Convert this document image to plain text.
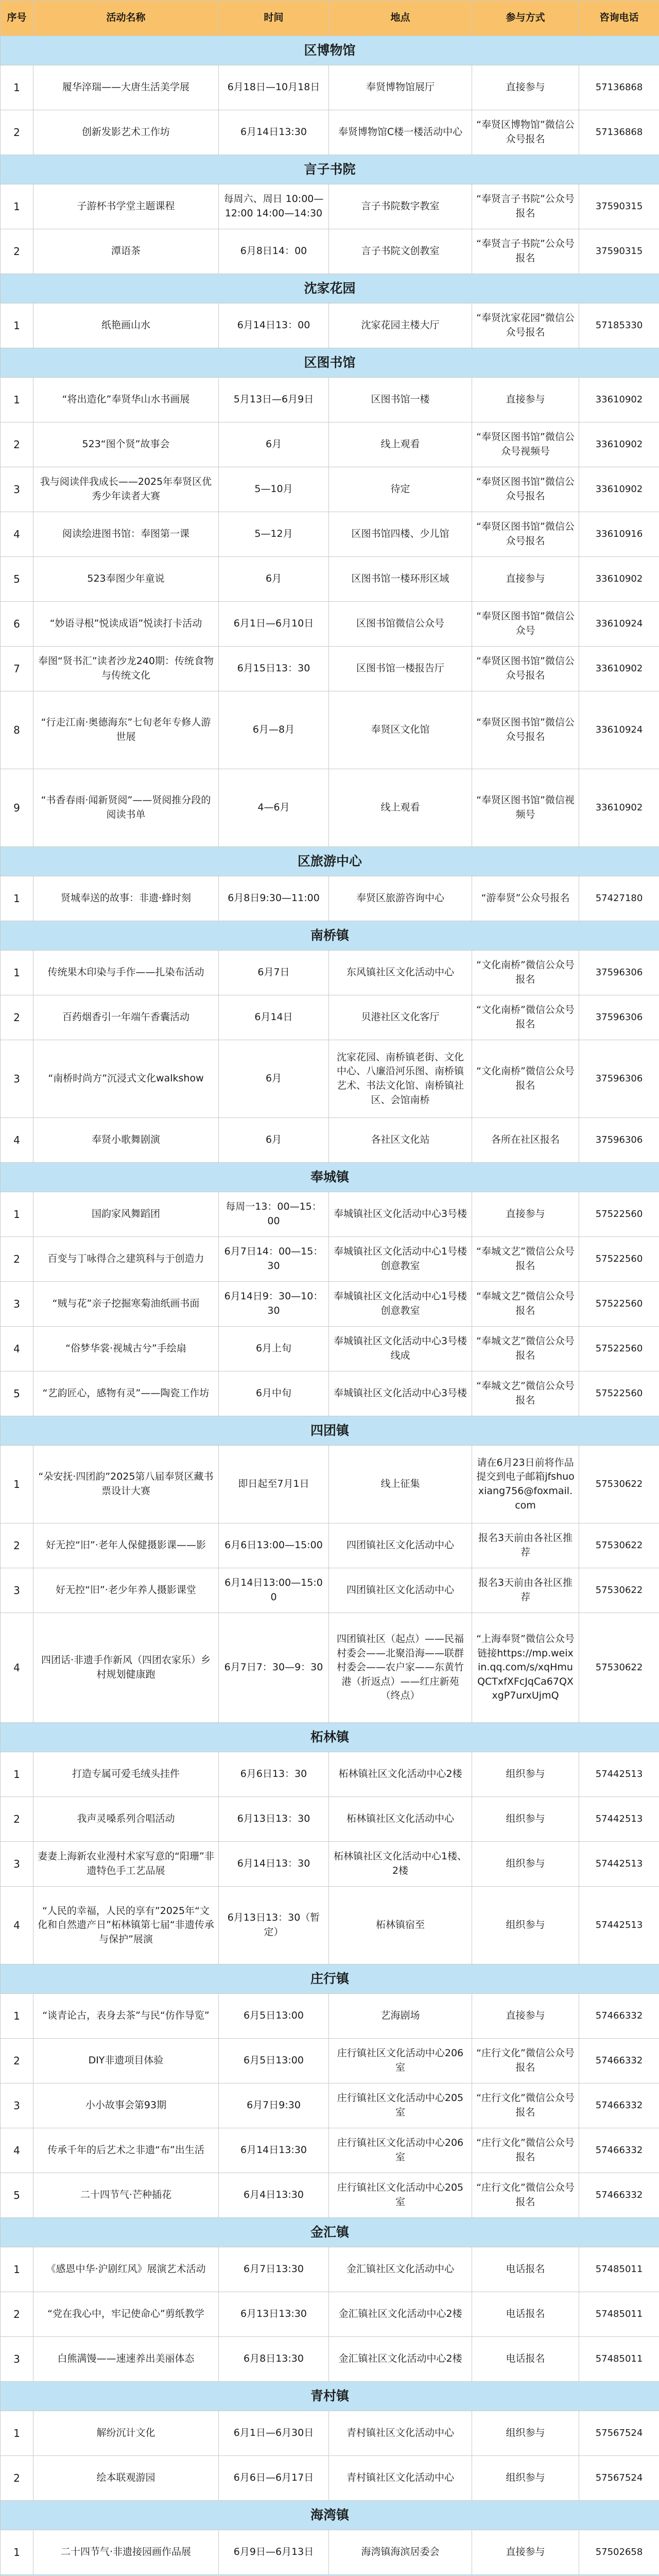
序号	活动名称	时间	地点	参与方式	咨询电话
区博物馆					
1	履华淬瑞——大唐生活美学展	6月18日—10月18日	奉贤博物馆展厅	直接参与	57136868
2	创新发影艺术工作坊	6月14日13:30	奉贤博物馆C楼一楼活动中心	“奉贤区博物馆”微信公众号报名	57136868
言子书院					
1	子游杯书学堂主题课程	每周六、周日 10:00—12:00 14:00—14:30	言子书院数字教室	“奉贤言子书院”公众号报名	37590315
2	潭语茶	6月8日14：00	言子书院文创教室	“奉贤言子书院”公众号报名	37590315
沈家花园					
1	纸艳画山水	6月14日13：00	沈家花园主楼大厅	“奉贤沈家花园”微信公众号报名	57185330
区图书馆					
1	“将出造化”奉贤华山水书画展	5月13日—6月9日	区图书馆一楼	直接参与	33610902
2	523“图个贤”故事会	6月	线上观看	“奉贤区图书馆”微信公众号视频号	33610902
3	我与阅读伴我成长——2025年奉贤区优秀少年读者大赛	5—10月	待定	“奉贤区图书馆”微信公众号报名	33610902
4	阅读绘进图书馆：奉图第一课	5—12月	区图书馆四楼、少儿馆	“奉贤区图书馆”微信公众号报名	33610916
5	523奉图少年童说	6月	区图书馆一楼环形区域	直接参与	33610902
6	“妙语寻根”悦读成语”悦读打卡活动	6月1日—6月10日	区图书馆微信公众号	“奉贤区图书馆”微信公众号	33610924
7	奉图“贤书汇”读者沙龙240期：传统食物与传统文化	6月15日13：30	区图书馆一楼报告厅	“奉贤区图书馆”微信公众号报名	33610902
8	“行走江南·奥德海东”七旬老年专修人游世展	6月—8月	奉贤区文化馆	“奉贤区图书馆”微信公众号报名	33610924
9	“书香春雨·闻新贤阅”——贤阅推分段的阅读书单	4—6月	线上观看	“奉贤区图书馆”微信视频号	33610902
区旅游中心					
1	贤城奉送的故事：非遗·蜂时刻	6月8日9:30—11:00	奉贤区旅游咨询中心	“游奉贤”公众号报名	57427180
南桥镇					
1	传统果木印染与手作——扎染布活动	6月7日	东风镇社区文化活动中心	“文化南桥”微信公众号报名	37596306
2	百药烟香引一年端午香囊活动	6月14日	贝港社区文化客厅	“文化南桥”微信公众号报名	37596306
3	“南桥时尚方”沉浸式文化walkshow	6月	沈家花园、南桥镇老街、文化中心、八廉沿河乐图、南桥镇艺术、书法文化馆、南桥镇社区、会馆南桥	“文化南桥”微信公众号报名	37596306
4	奉贤小歌舞剧演	6月	各社区文化站	各所在社区报名	37596306
奉城镇					
1	国韵家风舞蹈团	每周一13：00—15：00	奉城镇社区文化活动中心3号楼	直接参与	57522560
2	百变与丁咏得合之建筑科与于创造力	6月7日14：00—15：30	奉城镇社区文化活动中心1号楼创意教室	“奉城文艺”微信公众号报名	57522560
3	“贼与花”亲子挖掘寒菊油纸画书面	6月14日9：30—10：30	奉城镇社区文化活动中心1号楼创意教室	“奉城文艺”微信公众号报名	57522560
4	“俗梦华裳·视城古兮”手绘扇	6月上旬	奉城镇社区文化活动中心3号楼线成	“奉城文艺”微信公众号报名	57522560
5	“艺韵匠心，感物有灵”——陶瓷工作坊	6月中旬	奉城镇社区文化活动中心3号楼	“奉城文艺”微信公众号报名	57522560
四团镇					
1	“朵安抚·四团韵”2025第八届奉贤区藏书票设计大赛	即日起至7月1日	线上征集	请在6月23日前将作品提交到电子邮箱jfshuoxiang756@foxmail.com	57530622
2	好无控“旧”·老年人保健摄影课——影	6月6日13:00—15:00	四团镇社区文化活动中心	报名3天前由各社区推荐	57530622
3	好无控“旧”·老少年养人摄影课堂	6月14日13:00—15:00	四团镇社区文化活动中心	报名3天前由各社区推荐	57530622
4	四团话·非遗手作新风（四团农家乐）乡村规划健康跑	6月7日7：30—9：30	四团镇社区（起点）——民福村委会——北聚沿海——联群村委会——农户家——东黄竹港（折返点）——红庄新苑（终点）	“上海奉贤”微信公众号链接https://mp.weixin.qq.com/s/xqHmuQCTxfXFcJqCa67QXxgP7urxUjmQ	57530622
柘林镇					
1	打造专属可爱毛绒头挂件	6月6日13：30	柘林镇社区文化活动中心2楼	组织参与	57442513
2	我声灵嗓系列合唱活动	6月13日13：30	柘林镇社区文化活动中心	组织参与	57442513
3	妻妻上海新农业漫村术家写意的“阳珊”非遗特色手工艺品展	6月14日13：30	柘林镇社区文化活动中心1楼、2楼	组织参与	57442513
4	“人民的幸福，人民的享有”2025年“文化和自然遗产日”柘林镇第七届“非遗传承与保护”展演	6月13日13：30（暂定）	柘林镇宿至	组织参与	57442513
庄行镇					
1	“谈青论古，表身去茶”与民“仿作导览”	6月5日13:00	艺海剧场	直接参与	57466332
2	DIY非遗项目体验	6月5日13:00	庄行镇社区文化活动中心206室	“庄行文化”微信公众号报名	57466332
3	小小故事会第93期	6月7日9:30	庄行镇社区文化活动中心205室	“庄行文化”微信公众号报名	57466332
4	传承千年的后艺术之非遗“布”出生活	6月14日13:30	庄行镇社区文化活动中心206室	“庄行文化”微信公众号报名	57466332
5	二十四节气·芒种插花	6月4日13:30	庄行镇社区文化活动中心205室	“庄行文化”微信公众号报名	57466332
金汇镇					
1	《感恩中华·沪剧红风》展演艺术活动	6月7日13:30	金汇镇社区文化活动中心	电话报名	57485011
2	“党在我心中，牢记使命心”剪纸教学	6月13日13:30	金汇镇社区文化活动中心2楼	电话报名	57485011
3	白熊满馒——速速养出美丽体态	6月8日13:30	金汇镇社区文化活动中心2楼	电话报名	57485011
青村镇					
1	解纷沉计文化	6月1日—6月30日	青村镇社区文化活动中心	组织参与	57567524
2	绘本联观游园	6月6日—6月17日	青村镇社区文化活动中心	组织参与	57567524
海湾镇					
1	二十四节气·非遗接园画作品展	6月9日—6月13日	海湾镇海滨居委会	直接参与	57502658
